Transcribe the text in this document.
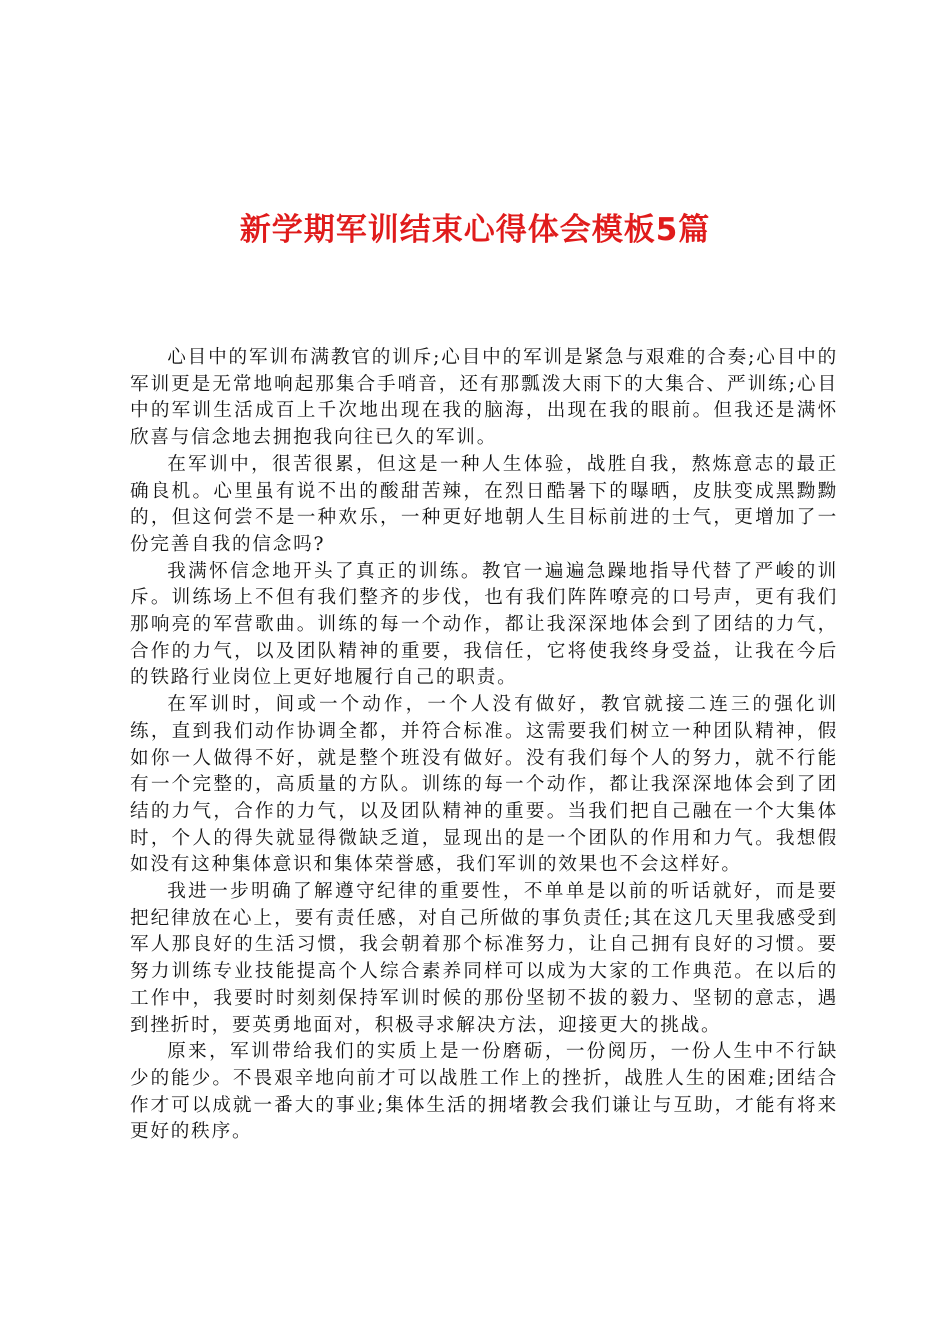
新学期军训结束心得体会模板5篇

心目中的军训布满教官的训斥;心目中的军训是紧急与艰难的合奏;心目中的军训更是无常地响起那集合手哨音，还有那瓢泼大雨下的大集合、严训练;心目中的军训生活成百上千次地出现在我的脑海，出现在我的眼前。但我还是满怀欣喜与信念地去拥抱我向往已久的军训。

在军训中，很苦很累，但这是一种人生体验，战胜自我，熬炼意志的最正确良机。心里虽有说不出的酸甜苦辣，在烈日酷暑下的曝晒，皮肤变成黑黝黝的，但这何尝不是一种欢乐，一种更好地朝人生目标前进的士气，更增加了一份完善自我的信念吗?

我满怀信念地开头了真正的训练。教官一遍遍急躁地指导代替了严峻的训斥。训练场上不但有我们整齐的步伐，也有我们阵阵嘹亮的口号声，更有我们那响亮的军营歌曲。训练的每一个动作，都让我深深地体会到了团结的力气，合作的力气，以及团队精神的重要，我信任，它将使我终身受益，让我在今后的铁路行业岗位上更好地履行自己的职责。

在军训时，间或一个动作，一个人没有做好，教官就接二连三的强化训练，直到我们动作协调全都，并符合标准。这需要我们树立一种团队精神，假如你一人做得不好，就是整个班没有做好。没有我们每个人的努力，就不行能有一个完整的，高质量的方队。训练的每一个动作，都让我深深地体会到了团结的力气，合作的力气，以及团队精神的重要。当我们把自己融在一个大集体时，个人的得失就显得微缺乏道，显现出的是一个团队的作用和力气。我想假如没有这种集体意识和集体荣誉感，我们军训的效果也不会这样好。

我进一步明确了解遵守纪律的重要性，不单单是以前的听话就好，而是要把纪律放在心上，要有责任感，对自己所做的事负责任;其在这几天里我感受到军人那良好的生活习惯，我会朝着那个标准努力，让自己拥有良好的习惯。要努力训练专业技能提高个人综合素养同样可以成为大家的工作典范。在以后的工作中，我要时时刻刻保持军训时候的那份坚韧不拔的毅力、坚韧的意志，遇到挫折时，要英勇地面对，积极寻求解决方法，迎接更大的挑战。

原来，军训带给我们的实质上是一份磨砺，一份阅历，一份人生中不行缺少的能少。不畏艰辛地向前才可以战胜工作上的挫折，战胜人生的困难;团结合作才可以成就一番大的事业;集体生活的拥堵教会我们谦让与互助，才能有将来更好的秩序。
